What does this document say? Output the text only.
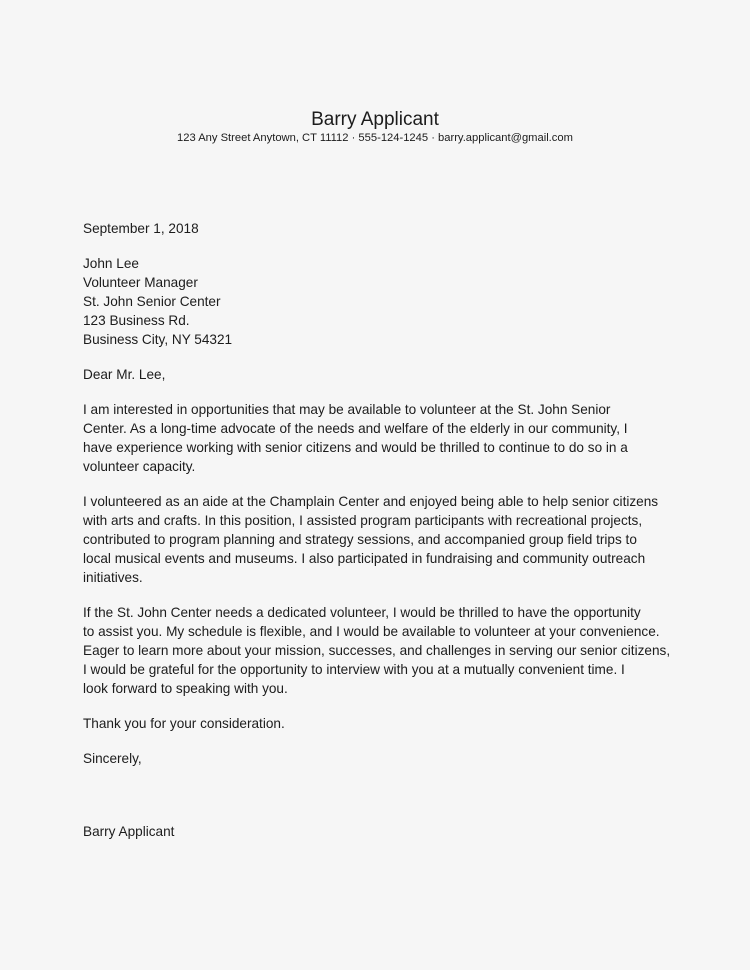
Barry Applicant
123 Any Street Anytown, CT 11112 · 555-124-1245 · barry.applicant@gmail.com
September 1, 2018
John Lee
Volunteer Manager
St. John Senior Center
123 Business Rd.
Business City, NY 54321
Dear Mr. Lee,
I am interested in opportunities that may be available to volunteer at the St. John Senior
Center. As a long-time advocate of the needs and welfare of the elderly in our community, I
have experience working with senior citizens and would be thrilled to continue to do so in a
volunteer capacity.
I volunteered as an aide at the Champlain Center and enjoyed being able to help senior citizens
with arts and crafts. In this position, I assisted program participants with recreational projects,
contributed to program planning and strategy sessions, and accompanied group field trips to
local musical events and museums. I also participated in fundraising and community outreach
initiatives.
If the St. John Center needs a dedicated volunteer, I would be thrilled to have the opportunity
to assist you. My schedule is flexible, and I would be available to volunteer at your convenience.
Eager to learn more about your mission, successes, and challenges in serving our senior citizens,
I would be grateful for the opportunity to interview with you at a mutually convenient time. I
look forward to speaking with you.
Thank you for your consideration.
Sincerely,
Barry Applicant
